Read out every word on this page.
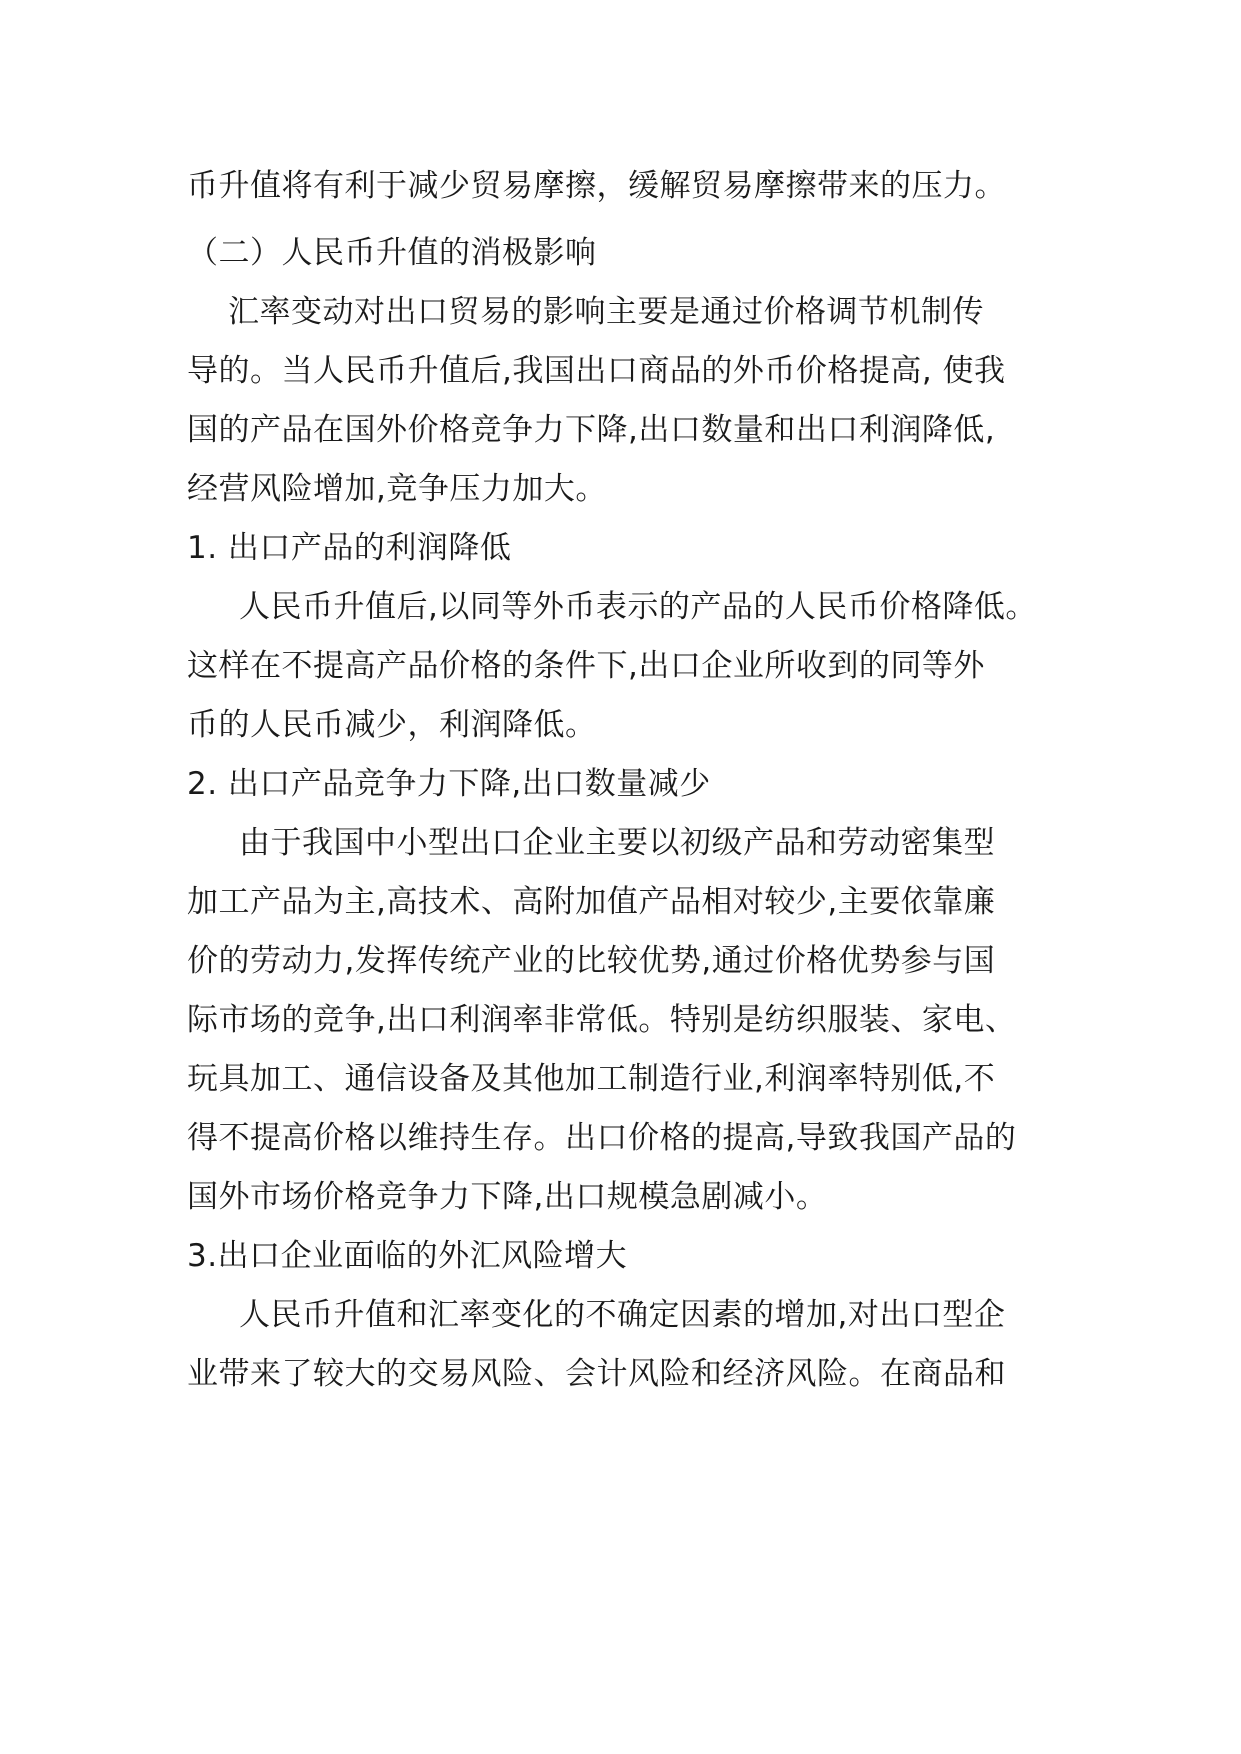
币升值将有利于减少贸易摩擦，缓解贸易摩擦带来的压力。
（二）人民币升值的消极影响
汇率变动对出口贸易的影响主要是通过价格调节机制传
导的。当人民币升值后,我国出口商品的外币价格提高, 使我
国的产品在国外价格竞争力下降,出口数量和出口利润降低,
经营风险增加,竞争压力加大。
1. 出口产品的利润降低
人民币升值后,以同等外币表示的产品的人民币价格降低。
这样在不提高产品价格的条件下,出口企业所收到的同等外
币的人民币减少，利润降低。
2. 出口产品竞争力下降,出口数量减少
由于我国中小型出口企业主要以初级产品和劳动密集型
加工产品为主,高技术、高附加值产品相对较少,主要依靠廉
价的劳动力,发挥传统产业的比较优势,通过价格优势参与国
际市场的竞争,出口利润率非常低。特别是纺织服装、家电、
玩具加工、通信设备及其他加工制造行业,利润率特别低,不
得不提高价格以维持生存。出口价格的提高,导致我国产品的
国外市场价格竞争力下降,出口规模急剧减小。
3.出口企业面临的外汇风险增大
人民币升值和汇率变化的不确定因素的增加,对出口型企
业带来了较大的交易风险、会计风险和经济风险。在商品和
